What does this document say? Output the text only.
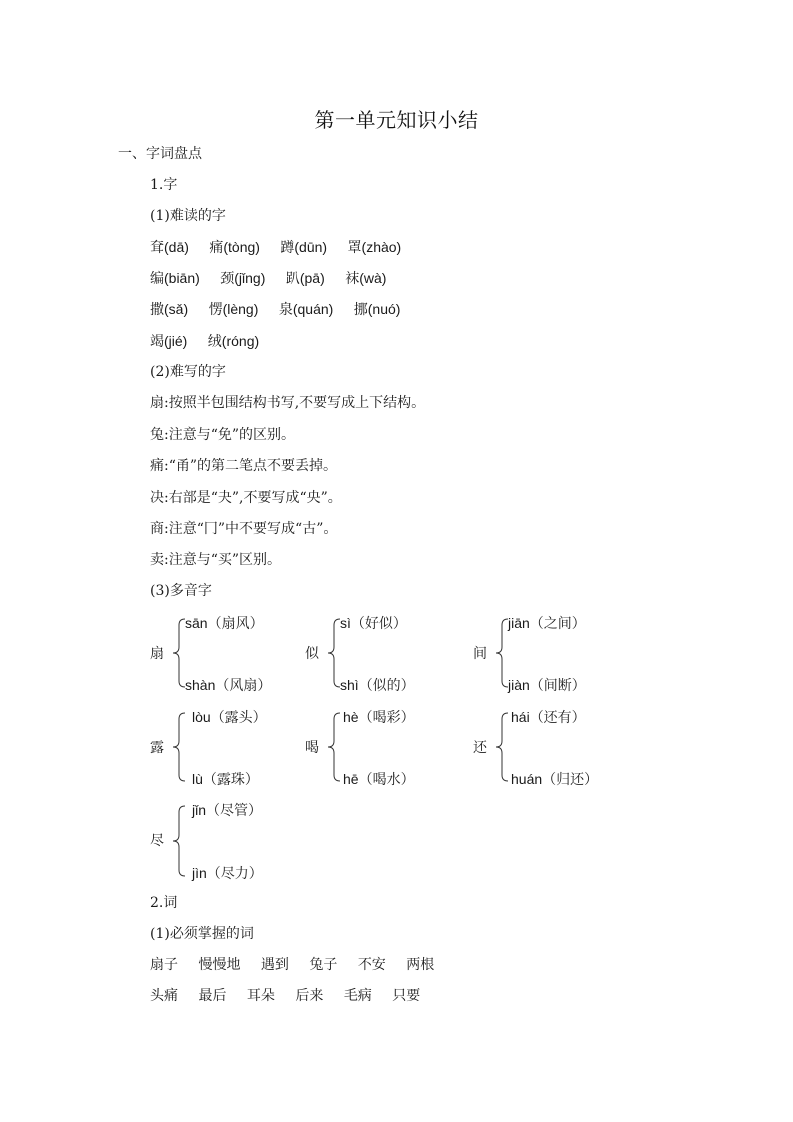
第一单元知识小结
一、字词盘点
1.字
(1)难读的字
耷(dā) 痛(tòng) 蹲(dūn) 罩(zhào)
编(biān) 颈(jǐng) 趴(pā) 袜(wà)
撒(sǎ) 愣(lèng) 泉(quán) 挪(nuó)
竭(jié) 绒(róng)
(2)难写的字
扇:按照半包围结构书写,不要写成上下结构。
兔:注意与“免”的区别。
痛:“甬”的第二笔点不要丢掉。
决:右部是“夬”,不要写成“央”。
商:注意“冂”中不要写成“古”。
卖:注意与“买”区别。
(3)多音字
扇
sān（扇风）
shàn（风扇）
似
sì（好似）
shì（似的）
间
jiān（之间）
jiàn（间断）
露
lòu（露头）
lù（露珠）
喝
hè（喝彩）
hē（喝水）
还
hái（还有）
huán（归还）
尽
jǐn（尽管）
jìn（尽力）
2.词
(1)必须掌握的词
扇子 慢慢地 遇到 兔子 不安 两根
头痛 最后 耳朵 后来 毛病 只要
